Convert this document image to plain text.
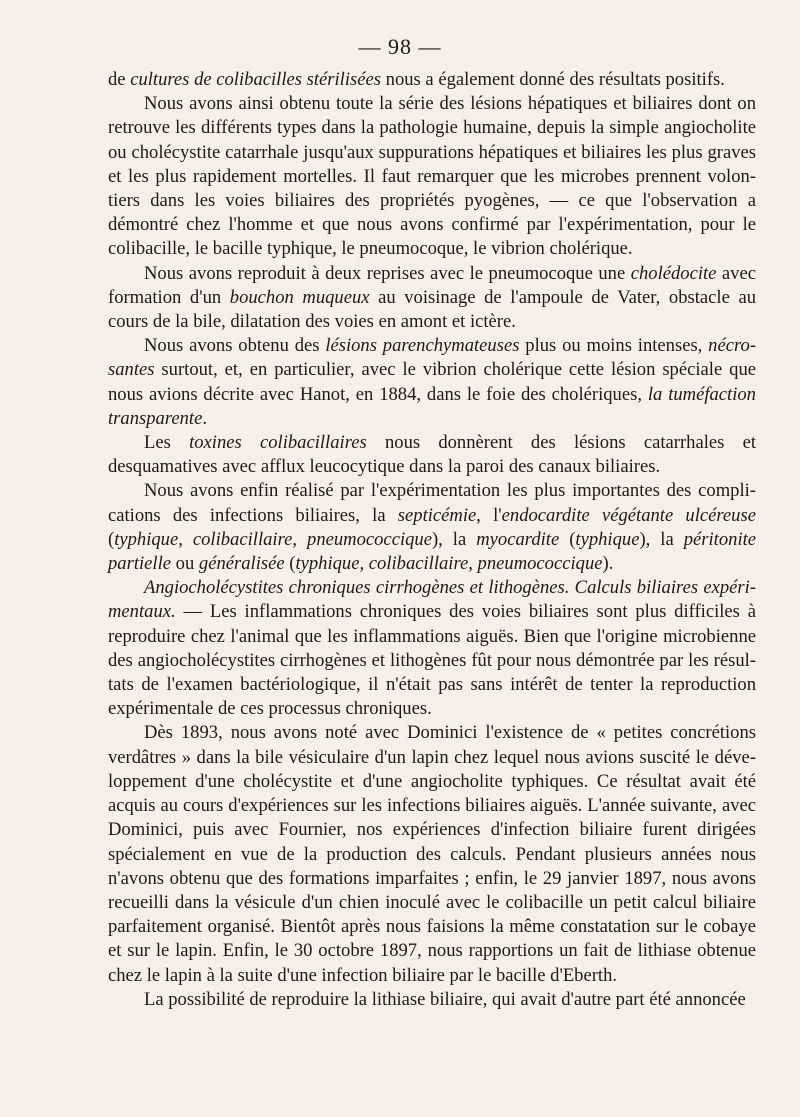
— 98 —

de cultures de colibacilles stérilisées nous a également donné des résultats positifs.

Nous avons ainsi obtenu toute la série des lésions hépatiques et biliaires dont on retrouve les différents types dans la pathologie humaine, depuis la simple angiocholite ou cholécystite catarrhale jusqu'aux suppurations hépatiques et biliaires les plus graves et les plus rapidement mortelles. Il faut remarquer que les microbes prennent volontiers dans les voies biliaires des propriétés pyogènes, — ce que l'observation a démontré chez l'homme et que nous avons confirmé par l'expérimentation, pour le colibacille, le bacille typhique, le pneumocoque, le vibrion cholérique.

Nous avons reproduit à deux reprises avec le pneumocoque une cholédocite avec formation d'un bouchon muqueux au voisinage de l'ampoule de Vater, obstacle au cours de la bile, dilatation des voies en amont et ictère.

Nous avons obtenu des lésions parenchymateuses plus ou moins intenses, nécrosantes surtout, et, en particulier, avec le vibrion cholérique cette lésion spéciale que nous avions décrite avec Hanot, en 1884, dans le foie des cholériques, la tuméfaction transparente.

Les toxines colibacillaires nous donnèrent des lésions catarrhales et desquamatives avec afflux leucocytique dans la paroi des canaux biliaires.

Nous avons enfin réalisé par l'expérimentation les plus importantes des complications des infections biliaires, la septicémie, l'endocardite végétante ulcéreuse (typhique, colibacillaire, pneumococcique), la myocardite (typhique), la péritonite partielle ou généralisée (typhique, colibacillaire, pneumococcique).

Angiocholécystites chroniques cirrhogènes et lithogènes. Calculs biliaires expérimentaux. — Les inflammations chroniques des voies biliaires sont plus difficiles à reproduire chez l'animal que les inflammations aiguës. Bien que l'origine microbienne des angiocholécystites cirrhogènes et lithogènes fût pour nous démontrée par les résultats de l'examen bactériologique, il n'était pas sans intérêt de tenter la reproduction expérimentale de ces processus chroniques.

Dès 1893, nous avons noté avec Dominici l'existence de « petites concrétions verdâtres » dans la bile vésiculaire d'un lapin chez lequel nous avions suscité le développement d'une cholécystite et d'une angiocholite typhiques. Ce résultat avait été acquis au cours d'expériences sur les infections biliaires aiguës. L'année suivante, avec Dominici, puis avec Fournier, nos expériences d'infection biliaire furent dirigées spécialement en vue de la production des calculs. Pendant plusieurs années nous n'avons obtenu que des formations imparfaites ; enfin, le 29 janvier 1897, nous avons recueilli dans la vésicule d'un chien inoculé avec le colibacille un petit calcul biliaire parfaitement organisé. Bientôt après nous faisions la même constatation sur le cobaye et sur le lapin. Enfin, le 30 octobre 1897, nous rapportions un fait de lithiase obtenue chez le lapin à la suite d'une infection biliaire par le bacille d'Eberth.

La possibilité de reproduire la lithiase biliaire, qui avait d'autre part été annoncée
